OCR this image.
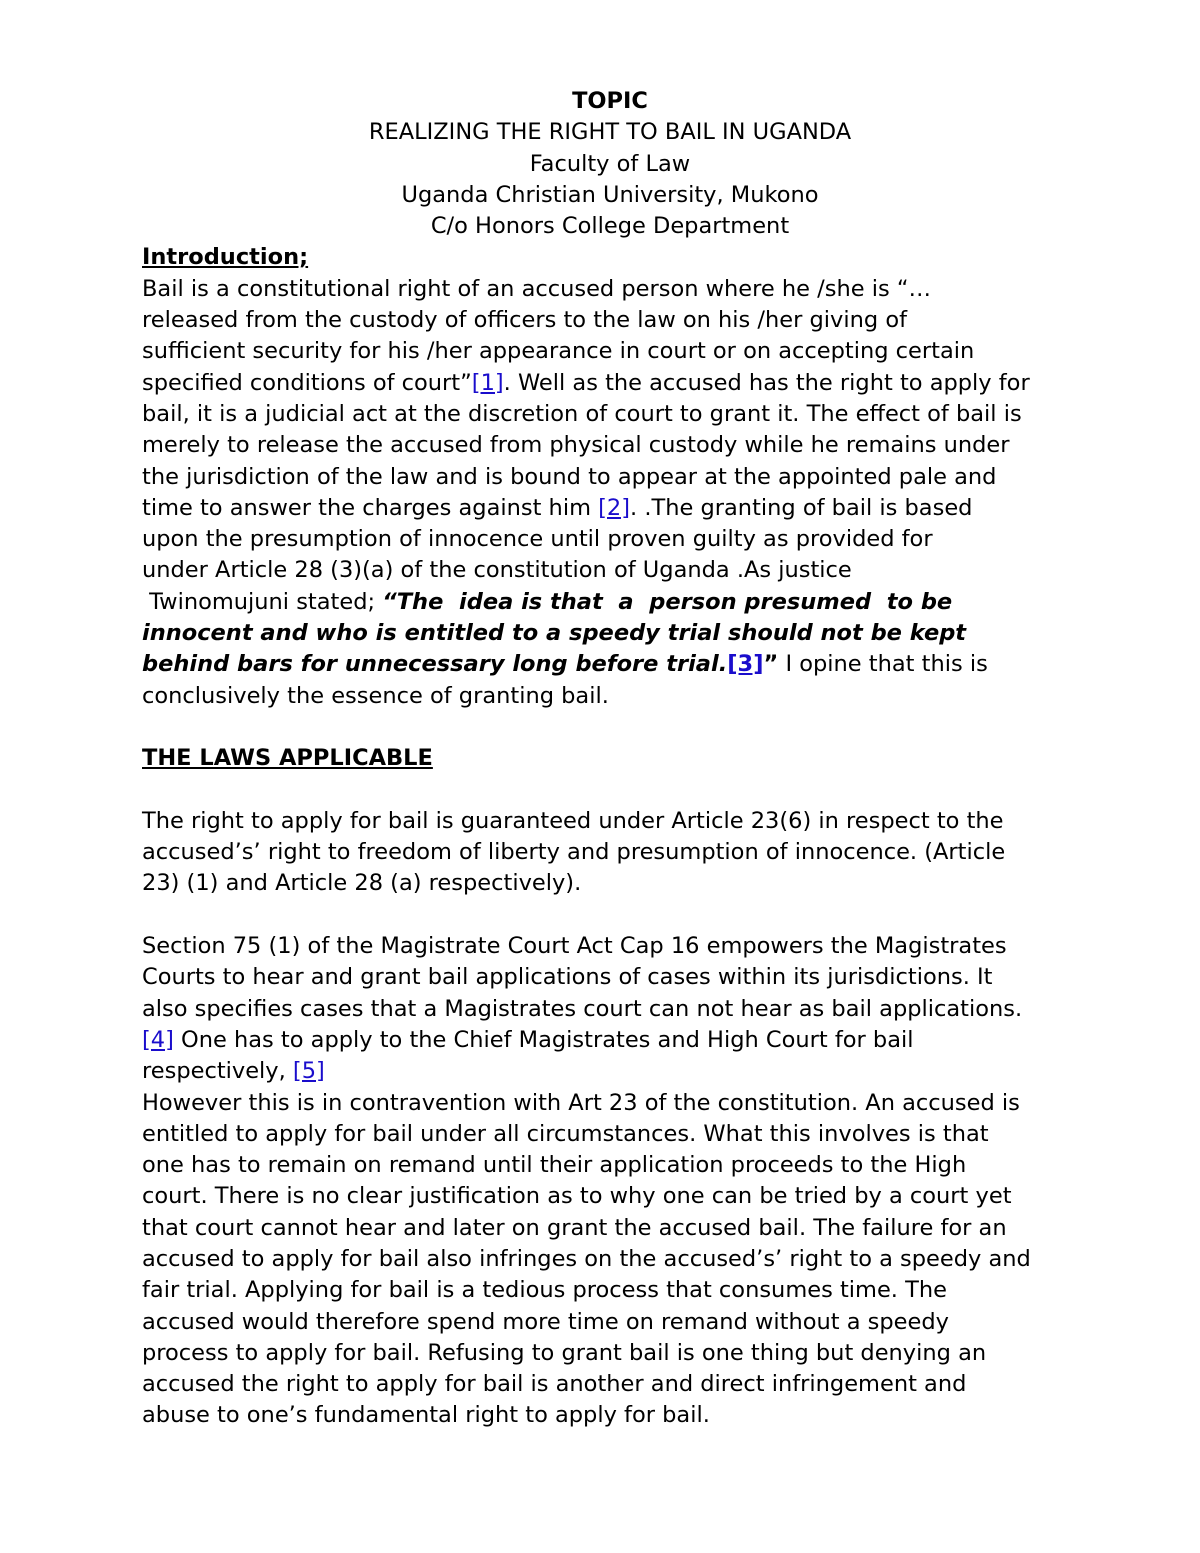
TOPIC
REALIZING THE RIGHT TO BAIL IN UGANDA
Faculty of Law
Uganda Christian University, Mukono
C/o Honors College Department
Introduction;
Bail is a constitutional right of an accused person where he /she is “…
released from the custody of officers to the law on his /her giving of
sufficient security for his /her appearance in court or on accepting certain
specified conditions of court”[1]. Well as the accused has the right to apply for
bail, it is a judicial act at the discretion of court to grant it. The effect of bail is
merely to release the accused from physical custody while he remains under
the jurisdiction of the law and is bound to appear at the appointed pale and
time to answer the charges against him [2]. .The granting of bail is based
upon the presumption of innocence until proven guilty as provided for
under Article 28 (3)(a) of the constitution of Uganda .As justice
Twinomujuni stated; “The  idea is that  a  person presumed  to be
innocent and who is entitled to a speedy trial should not be kept
behind bars for unnecessary long before trial.[3]” I opine that this is
conclusively the essence of granting bail.
THE LAWS APPLICABLE
The right to apply for bail is guaranteed under Article 23(6) in respect to the
accused’s’ right to freedom of liberty and presumption of innocence. (Article
23) (1) and Article 28 (a) respectively).
Section 75 (1) of the Magistrate Court Act Cap 16 empowers the Magistrates
Courts to hear and grant bail applications of cases within its jurisdictions. It
also specifies cases that a Magistrates court can not hear as bail applications.
[4] One has to apply to the Chief Magistrates and High Court for bail
respectively, [5]
However this is in contravention with Art 23 of the constitution. An accused is
entitled to apply for bail under all circumstances. What this involves is that
one has to remain on remand until their application proceeds to the High
court. There is no clear justification as to why one can be tried by a court yet
that court cannot hear and later on grant the accused bail. The failure for an
accused to apply for bail also infringes on the accused’s’ right to a speedy and
fair trial. Applying for bail is a tedious process that consumes time. The
accused would therefore spend more time on remand without a speedy
process to apply for bail. Refusing to grant bail is one thing but denying an
accused the right to apply for bail is another and direct infringement and
abuse to one’s fundamental right to apply for bail.
